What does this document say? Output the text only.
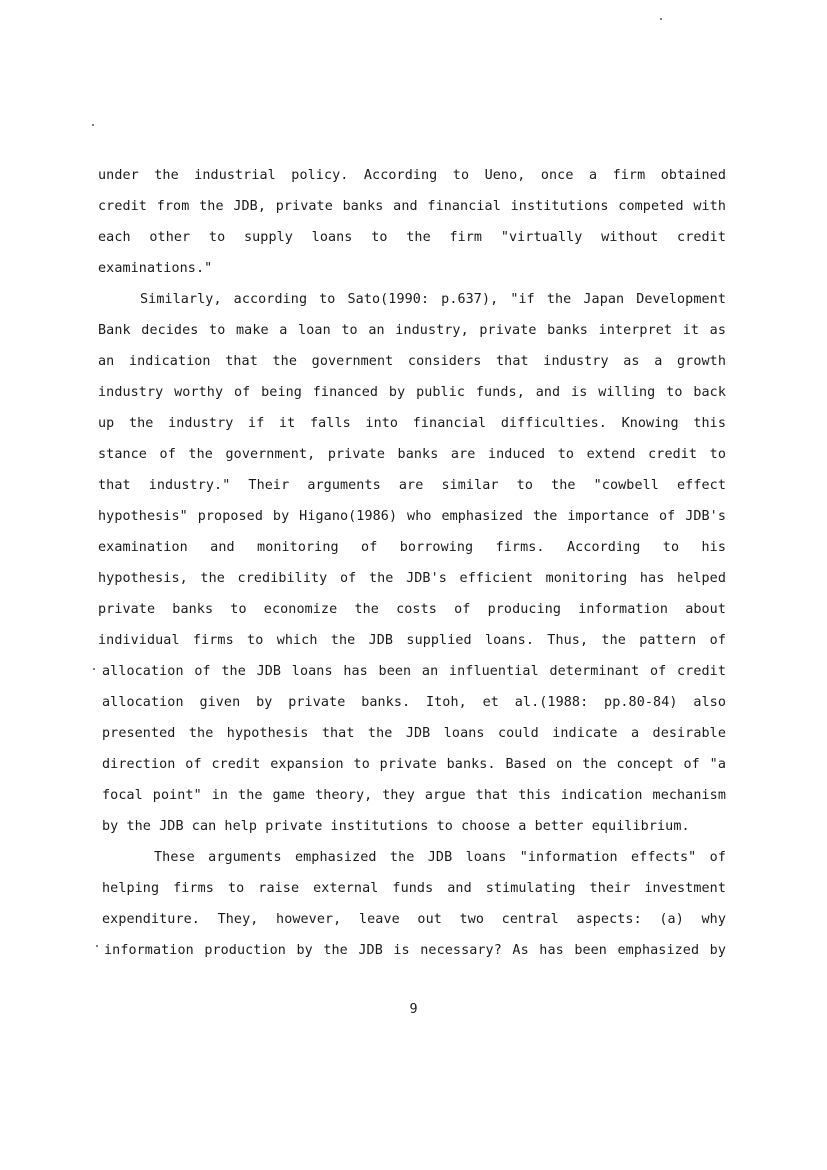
under the industrial policy. According to Ueno, once a firm obtained
credit from the JDB, private banks and financial institutions competed with
each other to supply loans to the firm "virtually without credit
examinations."
Similarly, according to Sato(1990: p.637), "if the Japan Development
Bank decides to make a loan to an industry, private banks interpret it as
an indication that the government considers that industry as a growth
industry worthy of being financed by public funds, and is willing to back
up the industry if it falls into financial difficulties. Knowing this
stance of the government, private banks are induced to extend credit to
that industry." Their arguments are similar to the "cowbell effect
hypothesis" proposed by Higano(1986) who emphasized the importance of JDB's
examination and monitoring of borrowing firms. According to his
hypothesis, the credibility of the JDB's efficient monitoring has helped
private banks to economize the costs of producing information about
individual firms to which the JDB supplied loans. Thus, the pattern of
allocation of the JDB loans has been an influential determinant of credit
allocation given by private banks. Itoh, et al.(1988: pp.80-84) also
presented the hypothesis that the JDB loans could indicate a desirable
direction of credit expansion to private banks. Based on the concept of "a
focal point" in the game theory, they argue that this indication mechanism
by the JDB can help private institutions to choose a better equilibrium.
These arguments emphasized the JDB loans "information effects" of
helping firms to raise external funds and stimulating their investment
expenditure. They, however, leave out two central aspects: (a) why
information production by the JDB is necessary? As has been emphasized by
9
